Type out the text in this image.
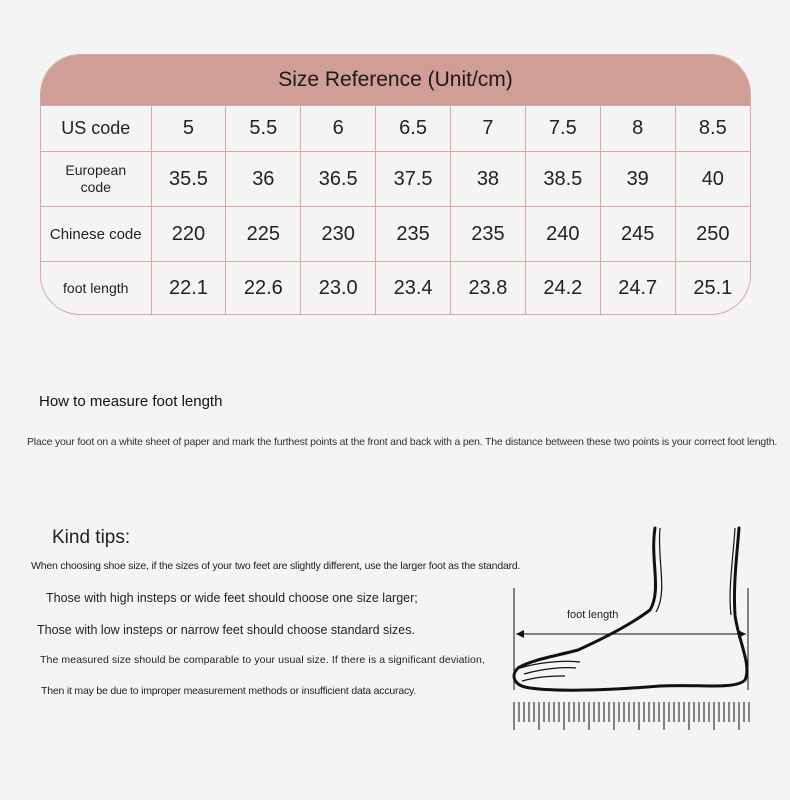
Size Reference (Unit/cm)
US code	5	5.5	6	6.5	7	7.5	8	8.5

European code	35.5	36	36.5	37.5	38	38.5	39	40
Chinese code	220	225	230	235	235	240	245	250
foot length	22.1	22.6	23.0	23.4	23.8	24.2	24.7	25.1
How to measure foot length
Place your foot on a white sheet of paper and mark the furthest points at the front and back with a pen. The distance between these two points is your correct foot length.
Kind tips:
When choosing shoe size, if the sizes of your two feet are slightly different, use the larger foot as the standard.
Those with high insteps or wide feet should choose one size larger;
Those with low insteps or narrow feet should choose standard sizes.
The measured size should be comparable to your usual size. If there is a significant deviation,
Then it may be due to improper measurement methods or insufficient data accuracy.
foot length
